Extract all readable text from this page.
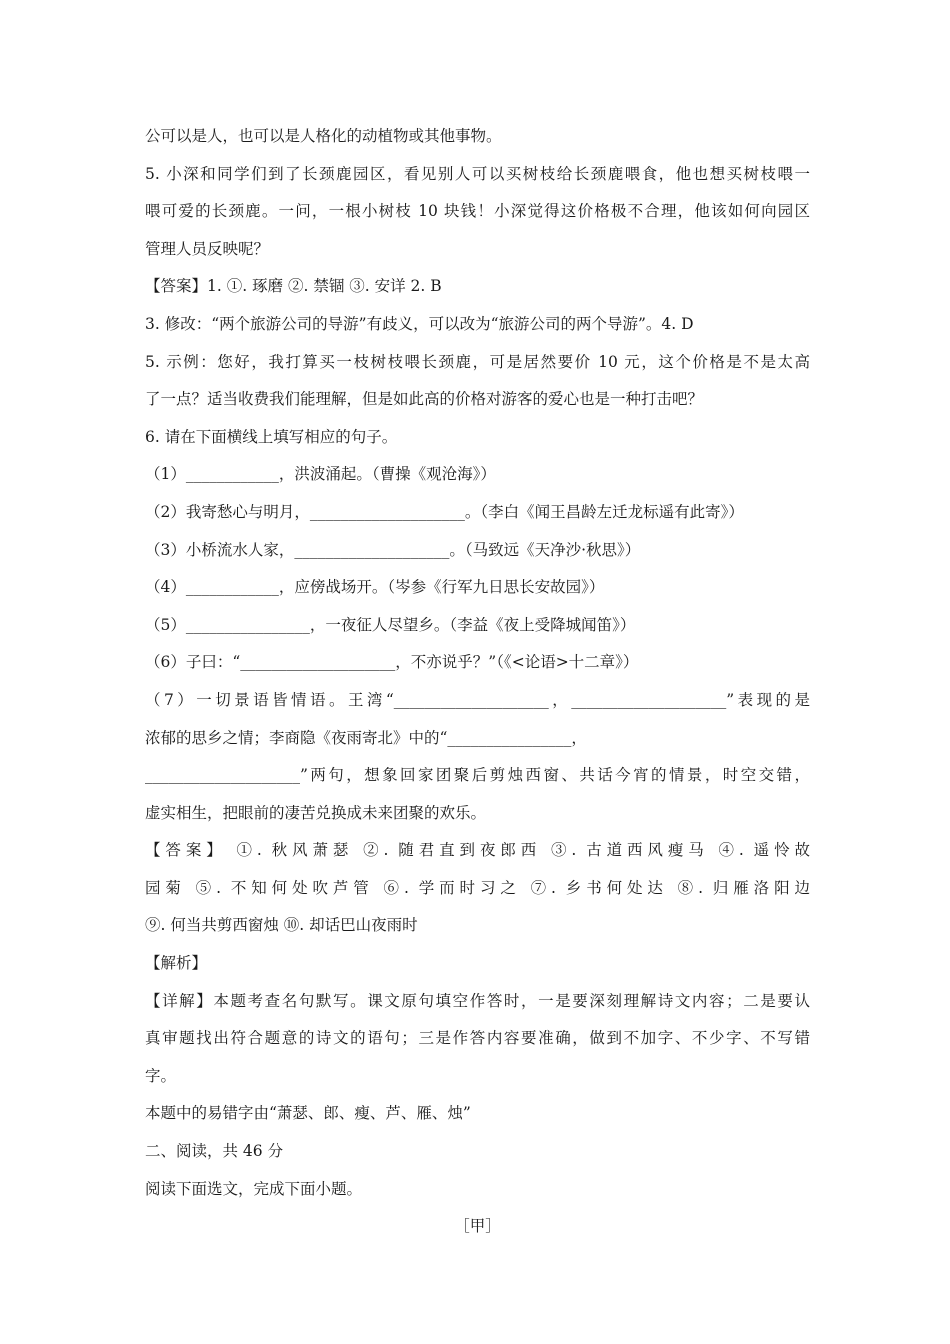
公可以是人，也可以是人格化的动植物或其他事物。
5. 小深和同学们到了长颈鹿园区，看见别人可以买树枝给长颈鹿喂食，他也想买树枝喂一
喂可爱的长颈鹿。一问，一根小树枝 10 块钱！小深觉得这价格极不合理，他该如何向园区
管理人员反映呢？
【答案】1. ①. 琢磨 ②. 禁锢 ③. 安详 2. B
3. 修改：“两个旅游公司的导游”有歧义，可以改为“旅游公司的两个导游”。4. D
5. 示例：您好，我打算买一枝树枝喂长颈鹿，可是居然要价 10 元，这个价格是不是太高
了一点？适当收费我们能理解，但是如此高的价格对游客的爱心也是一种打击吧？
6. 请在下面横线上填写相应的句子。
（1）____________，洪波涌起。（曹操《观沧海》）
（2）我寄愁心与明月，____________________。（李白《闻王昌龄左迁龙标遥有此寄》）
（3）小桥流水人家，____________________。（马致远《天净沙·秋思》）
（4）____________，应傍战场开。（岑参《行军九日思长安故园》）
（5）________________，一夜征人尽望乡。（李益《夜上受降城闻笛》）
（6）子曰：“____________________，不亦说乎？”（《<论语>十二章》）
（7）一切景语皆情语。王湾“____________________，____________________”表现的是
浓郁的思乡之情；李商隐《夜雨寄北》中的“________________，
____________________”两句，想象回家团聚后剪烛西窗、共话今宵的情景，时空交错，
虚实相生，把眼前的凄苦兑换成未来团聚的欢乐。
【答案】 ①. 秋风萧瑟 ②. 随君直到夜郎西 ③. 古道西风瘦马 ④. 遥怜故
园菊 ⑤. 不知何处吹芦管 ⑥. 学而时习之 ⑦. 乡书何处达 ⑧. 归雁洛阳边
⑨. 何当共剪西窗烛 ⑩. 却话巴山夜雨时
【解析】
【详解】本题考查名句默写。课文原句填空作答时，一是要深刻理解诗文内容；二是要认
真审题找出符合题意的诗文的语句；三是作答内容要准确，做到不加字、不少字、不写错
字。
本题中的易错字由“萧瑟、郎、瘦、芦、雁、烛”
二、阅读，共 46 分
阅读下面选文，完成下面小题。
［甲］
